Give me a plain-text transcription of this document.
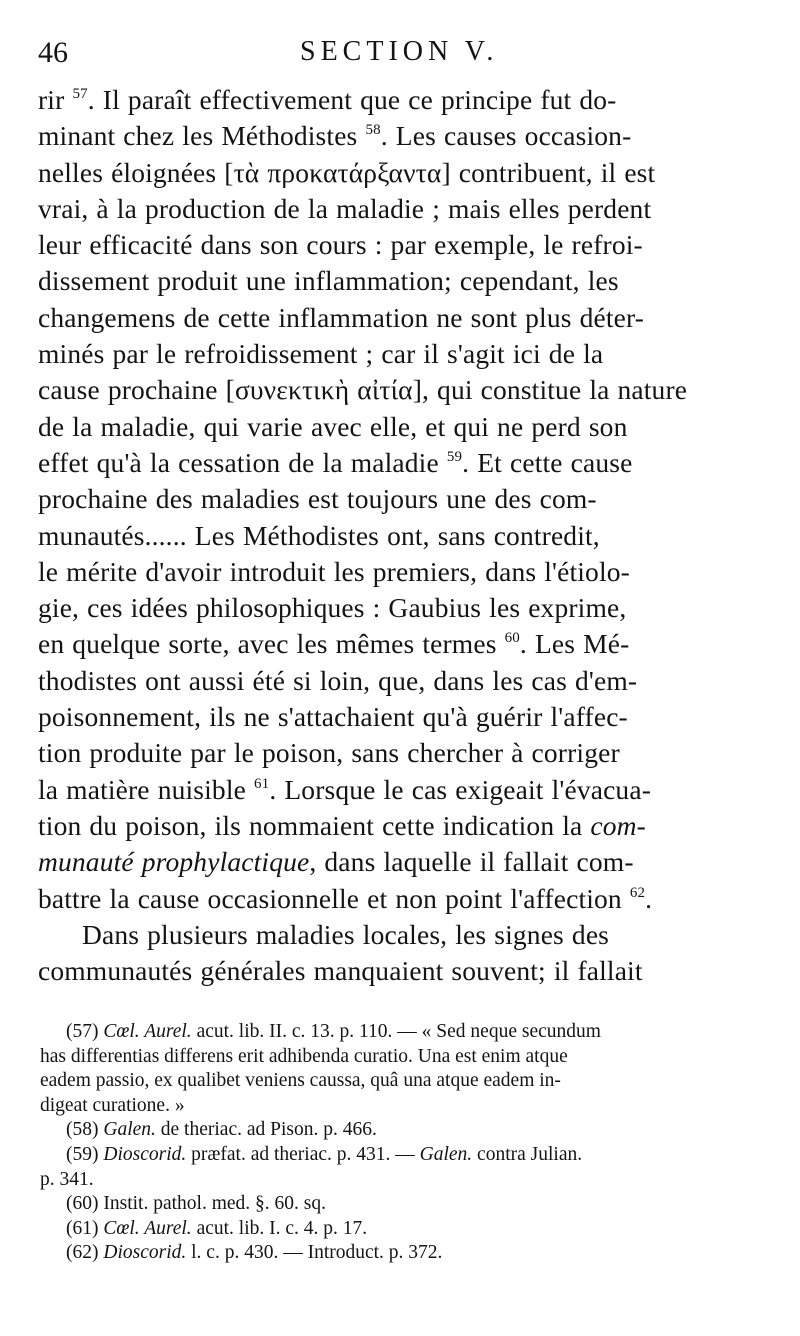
46	SECTION V.
rir $^{57}$. Il paraît effectivement que ce principe fut do-
minant chez les Méthodistes $^{58}$. Les causes occasion-
nelles éloignées [τὰ προκατάρξαντα] contribuent, il est
vrai, à la production de la maladie ; mais elles perdent
leur efficacité dans son cours : par exemple, le refroi-
dissement produit une inflammation; cependant, les
changemens de cette inflammation ne sont plus déter-
minés par le refroidissement ; car il s'agit ici de la
cause prochaine [συνεκτικὴ αἰτία], qui constitue la nature
de la maladie, qui varie avec elle, et qui ne perd son
effet qu'à la cessation de la maladie $^{59}$. Et cette cause
prochaine des maladies est toujours une des com-
munautés...... Les Méthodistes ont, sans contredit,
le mérite d'avoir introduit les premiers, dans l'étiolo-
gie, ces idées philosophiques : Gaubius les exprime,
en quelque sorte, avec les mêmes termes $^{60}$. Les Mé-
thodistes ont aussi été si loin, que, dans les cas d'em-
poisonnement, ils ne s'attachaient qu'à guérir l'affec-
tion produite par le poison, sans chercher à corriger
la matière nuisible $^{61}$. Lorsque le cas exigeait l'évacua-
tion du poison, ils nommaient cette indication la com-
munauté prophylactique, dans laquelle il fallait com-
battre la cause occasionnelle et non point l'affection $^{62}$.
Dans plusieurs maladies locales, les signes des
communautés générales manquaient souvent; il fallait
(57) Cœl. Aurel. acut. lib. II. c. 13. p. 110. — « Sed neque secundum
has differentias differens erit adhibenda curatio. Una est enim atque
eadem passio, ex qualibet veniens caussa, quâ una atque eadem in-
digeat curatione. »
(58) Galen. de theriac. ad Pison. p. 466.
(59) Dioscorid. præfat. ad theriac. p. 431. — Galen. contra Julian.
p. 341.
(60) Instit. pathol. med. §. 60. sq.
(61) Cœl. Aurel. acut. lib. I. c. 4. p. 17.
(62) Dioscorid. l. c. p. 430. — Introduct. p. 372.
